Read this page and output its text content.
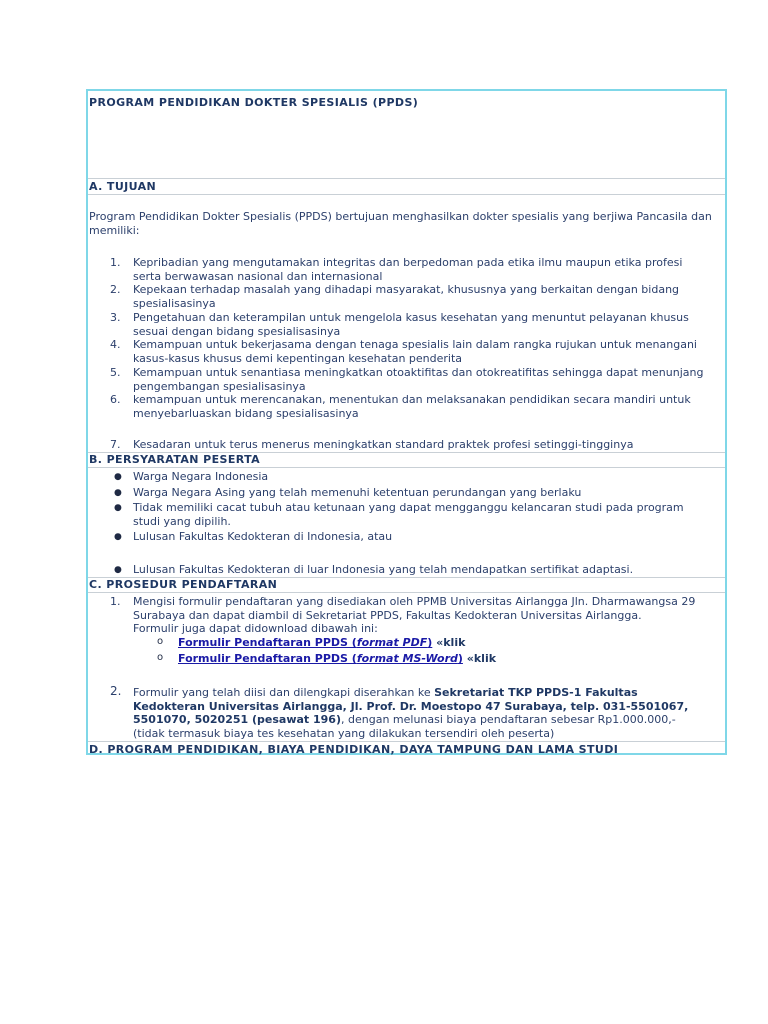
PROGRAM PENDIDIKAN DOKTER SPESIALIS (PPDS)
A. TUJUAN
Program Pendidikan Dokter Spesialis (PPDS) bertujuan menghasilkan dokter spesialis yang berjiwa Pancasila dan memiliki:
1. Kepribadian yang mengutamakan integritas dan berpedoman pada etika ilmu maupun etika profesi
serta berwawasan nasional dan internasional
2. Kepekaan terhadap masalah yang dihadapi masyarakat, khususnya yang berkaitan dengan bidang
spesialisasinya
3. Pengetahuan dan keterampilan untuk mengelola kasus kesehatan yang menuntut pelayanan khusus
sesuai dengan bidang spesialisasinya
4. Kemampuan untuk bekerjasama dengan tenaga spesialis lain dalam rangka rujukan untuk menangani
kasus-kasus khusus demi kepentingan kesehatan penderita
5. Kemampuan untuk senantiasa meningkatkan otoaktifitas dan otokreatifitas sehingga dapat menunjang
pengembangan spesialisasinya
6. kemampuan untuk merencanakan, menentukan dan melaksanakan pendidikan secara mandiri untuk
menyebarluaskan bidang spesialisasinya
7. Kesadaran untuk terus menerus meningkatkan standard praktek profesi setinggi-tingginya
B. PERSYARATAN PESERTA
● Warga Negara Indonesia
● Warga Negara Asing yang telah memenuhi ketentuan perundangan yang berlaku
● Tidak memiliki cacat tubuh atau ketunaan yang dapat mengganggu kelancaran studi pada program
studi yang dipilih.
● Lulusan Fakultas Kedokteran di Indonesia, atau
● Lulusan Fakultas Kedokteran di luar Indonesia yang telah mendapatkan sertifikat adaptasi.
C. PROSEDUR PENDAFTARAN
1. Mengisi formulir pendaftaran yang disediakan oleh PPMB Universitas Airlangga Jln. Dharmawangsa 29
Surabaya dan dapat diambil di Sekretariat PPDS, Fakultas Kedokteran Universitas Airlangga.
Formulir juga dapat didownload dibawah ini:
o Formulir Pendaftaran PPDS (format PDF) «klik
o Formulir Pendaftaran PPDS (format MS-Word) «klik
2. Formulir yang telah diisi dan dilengkapi diserahkan ke Sekretariat TKP PPDS-1 Fakultas
Kedokteran Universitas Airlangga, Jl. Prof. Dr. Moestopo 47 Surabaya, telp. 031-5501067,
5501070, 5020251 (pesawat 196), dengan melunasi biaya pendaftaran sebesar Rp1.000.000,-
(tidak termasuk biaya tes kesehatan yang dilakukan tersendiri oleh peserta)
D. PROGRAM PENDIDIKAN, BIAYA PENDIDIKAN, DAYA TAMPUNG DAN LAMA STUDI
